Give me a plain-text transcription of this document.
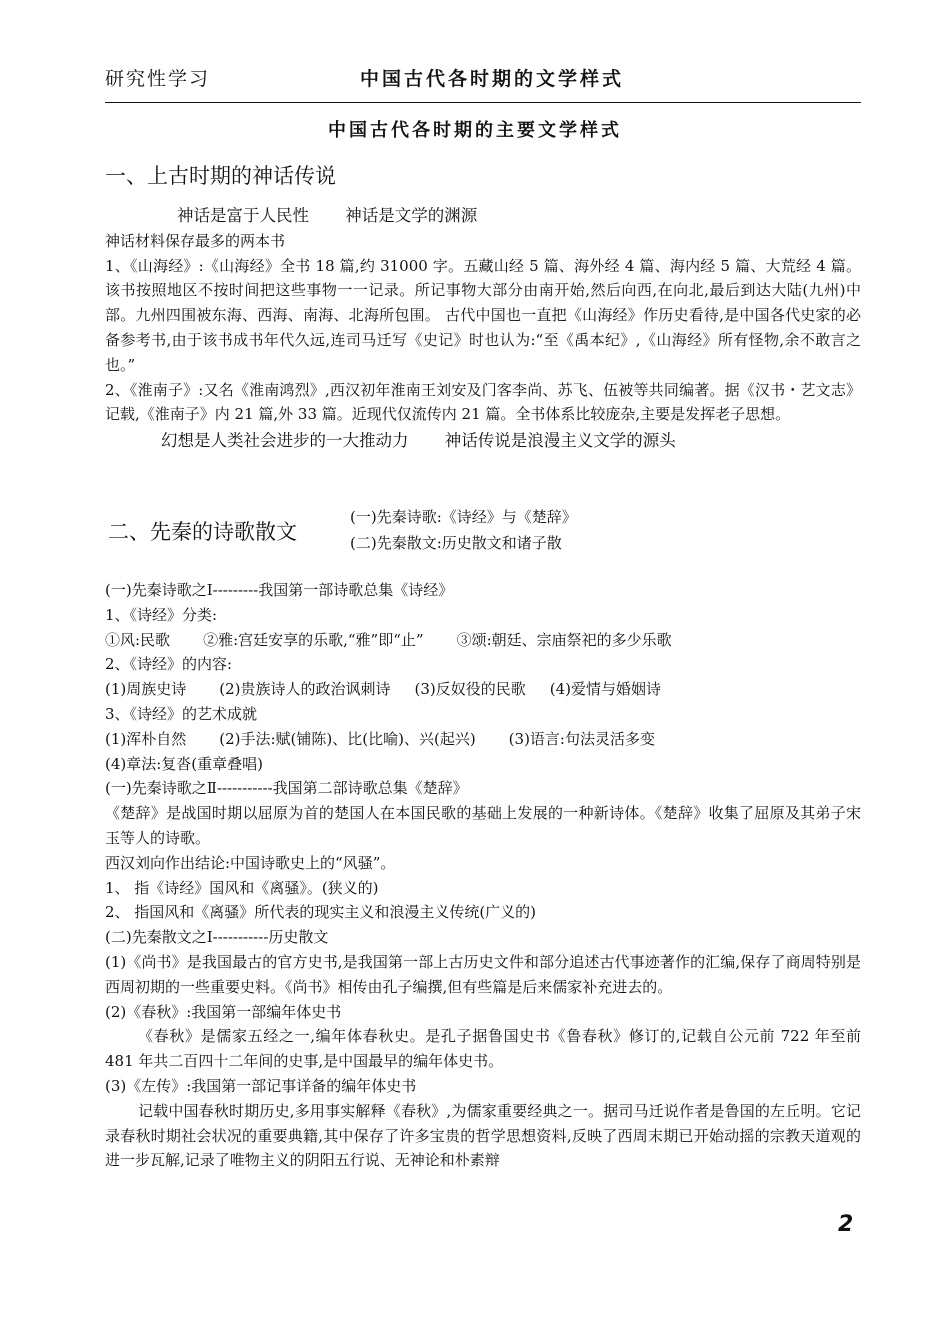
研究性学习	中国古代各时期的文学样式
中国古代各时期的主要文学样式
一、上古时期的神话传说

神话是富于人民性 神话是文学的渊源

神话材料保存最多的两本书

1、《山海经》:《山海经》全书 18 篇,约 31000 字。五藏山经 5 篇、海外经 4 篇、海内经 5 篇、大荒经 4 篇。该书按照地区不按时间把这些事物一一记录。所记事物大部分由南开始,然后向西,在向北,最后到达大陆(九州)中部。九州四围被东海、西海、南海、北海所包围。 古代中国也一直把《山海经》作历史看待,是中国各代史家的必备参考书,由于该书成书年代久远,连司马迁写《史记》时也认为:“至《禹本纪》,《山海经》所有怪物,余不敢言之也。”

2、《淮南子》:又名《淮南鸿烈》,西汉初年淮南王刘安及门客李尚、苏飞、伍被等共同编著。据《汉书・艺文志》记载,《淮南子》内 21 篇,外 33 篇。近现代仅流传内 21 篇。全书体系比较庞杂,主要是发挥老子思想。

幻想是人类社会进步的一大推动力 神话传说是浪漫主义文学的源头

二、先秦的诗歌散文
(一)先秦诗歌:《诗经》与《楚辞》
(二)先秦散文:历史散文和诸子散

(一)先秦诗歌之Ⅰ---------我国第一部诗歌总集《诗经》

1、《诗经》分类:

①风:民歌 ②雅:宫廷安享的乐歌,“雅”即“止” ③颂:朝廷、宗庙祭祀的多少乐歌

2、《诗经》的内容:

(1)周族史诗 (2)贵族诗人的政治讽刺诗 (3)反奴役的民歌 (4)爱情与婚姻诗

3、《诗经》的艺术成就

(1)浑朴自然 (2)手法:赋(铺陈)、比(比喻)、兴(起兴) (3)语言:句法灵活多变

(4)章法:复沓(重章叠唱)

(一)先秦诗歌之Ⅱ-----------我国第二部诗歌总集《楚辞》

《楚辞》是战国时期以屈原为首的楚国人在本国民歌的基础上发展的一种新诗体。《楚辞》收集了屈原及其弟子宋玉等人的诗歌。

西汉刘向作出结论:中国诗歌史上的“风骚”。

1、 指《诗经》国风和《离骚》。(狭义的)

2、 指国风和《离骚》所代表的现实主义和浪漫主义传统(广义的)

(二)先秦散文之Ⅰ-----------历史散文

(1)《尚书》是我国最古的官方史书,是我国第一部上古历史文件和部分追述古代事迹著作的汇编,保存了商周特别是西周初期的一些重要史料。《尚书》相传由孔子编撰,但有些篇是后来儒家补充进去的。

(2)《春秋》:我国第一部编年体史书

《春秋》是儒家五经之一,编年体春秋史。是孔子据鲁国史书《鲁春秋》修订的,记载自公元前 722 年至前 481 年共二百四十二年间的史事,是中国最早的编年体史书。

(3)《左传》:我国第一部记事详备的编年体史书

记载中国春秋时期历史,多用事实解释《春秋》,为儒家重要经典之一。据司马迁说作者是鲁国的左丘明。它记录春秋时期社会状况的重要典籍,其中保存了许多宝贵的哲学思想资料,反映了西周末期已开始动摇的宗教天道观的进一步瓦解,记录了唯物主义的阴阳五行说、无神论和朴素辩

2
